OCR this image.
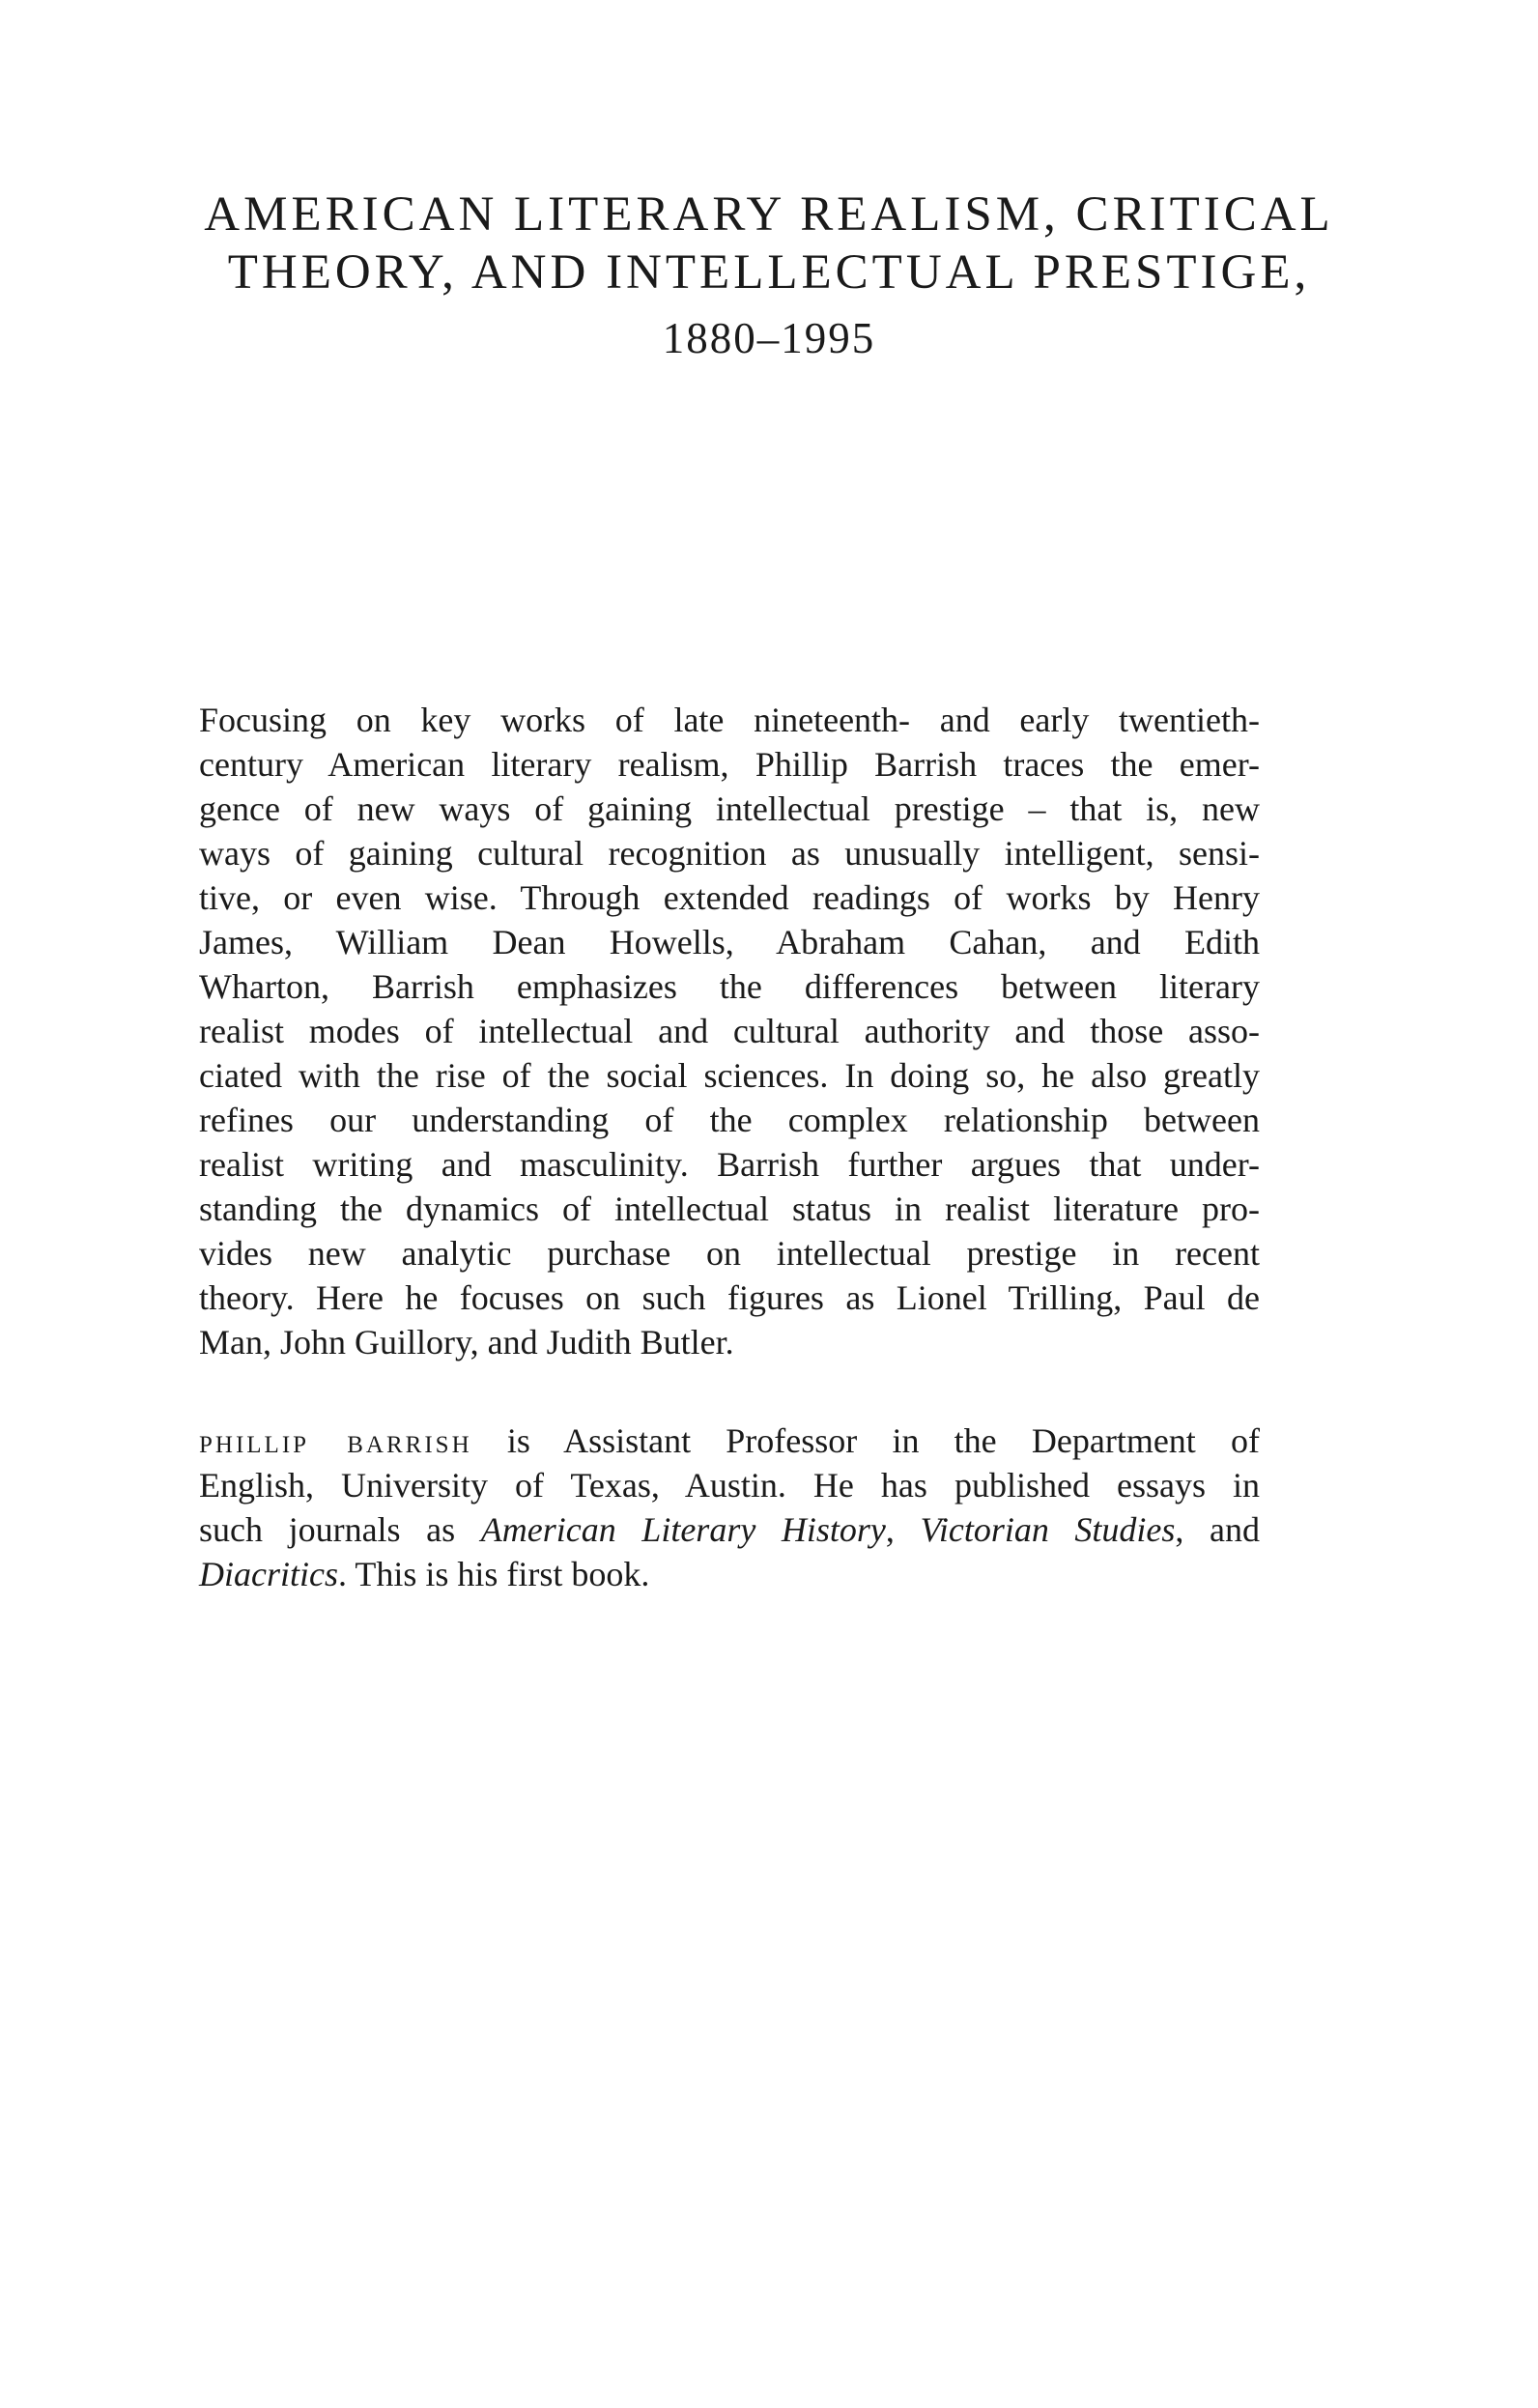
AMERICAN LITERARY REALISM, CRITICAL
THEORY, AND INTELLECTUAL PRESTIGE,
1880–1995
Focusing on key works of late nineteenth- and early twentieth-
century American literary realism, Phillip Barrish traces the emer-
gence of new ways of gaining intellectual prestige – that is, new
ways of gaining cultural recognition as unusually intelligent, sensi-
tive, or even wise. Through extended readings of works by Henry
James, William Dean Howells, Abraham Cahan, and Edith
Wharton, Barrish emphasizes the differences between literary
realist modes of intellectual and cultural authority and those asso-
ciated with the rise of the social sciences. In doing so, he also greatly
refines our understanding of the complex relationship between
realist writing and masculinity. Barrish further argues that under-
standing the dynamics of intellectual status in realist literature pro-
vides new analytic purchase on intellectual prestige in recent
theory. Here he focuses on such figures as Lionel Trilling, Paul de
Man, John Guillory, and Judith Butler.
phillip barrish is Assistant Professor in the Department of
English, University of Texas, Austin. He has published essays in
such journals as American Literary History, Victorian Studies, and
Diacritics. This is his first book.
